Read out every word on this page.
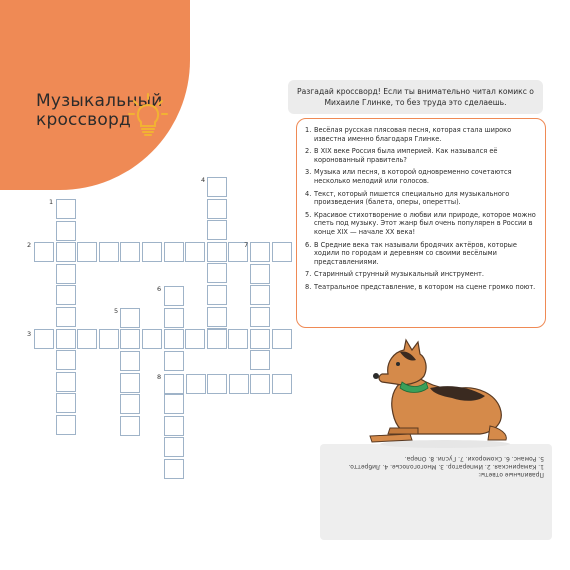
Музыкальный
кроссворд
Разгадай кроссворд! Если ты внимательно читал комикс о Михаиле Глинке, то без труда это сделаешь.
1. Весёлая русская плясовая песня, которая стала широко известна именно благодаря Глинке.
2. В XIX веке Россия была империей. Как назывался её коронованный правитель?
3. Музыка или песня, в которой одновременно сочетаются несколько мелодий или голосов.
4. Текст, который пишется специально для музыкального произведения (балета, оперы, оперетты).
5. Красивое стихотворение о любви или природе, которое можно спеть под музыку. Этот жанр был очень популярен в России в конце XIX — начале XX века!
6. В Средние века так называли бродячих актёров, которые ходили по городам и деревням со своими весёлыми представлениями.
7. Старинный струнный музыкальный инструмент.
8. Театральное представление, в котором на сцене громко поют.
1
2
3
4
5
6
7
8
Правильные ответы:
1. Камаринская. 2. Император. 3. Многоголосье. 4. Либретто.
5. Романс. 6. Скоморохи. 7. Гусли. 8. Опера.
